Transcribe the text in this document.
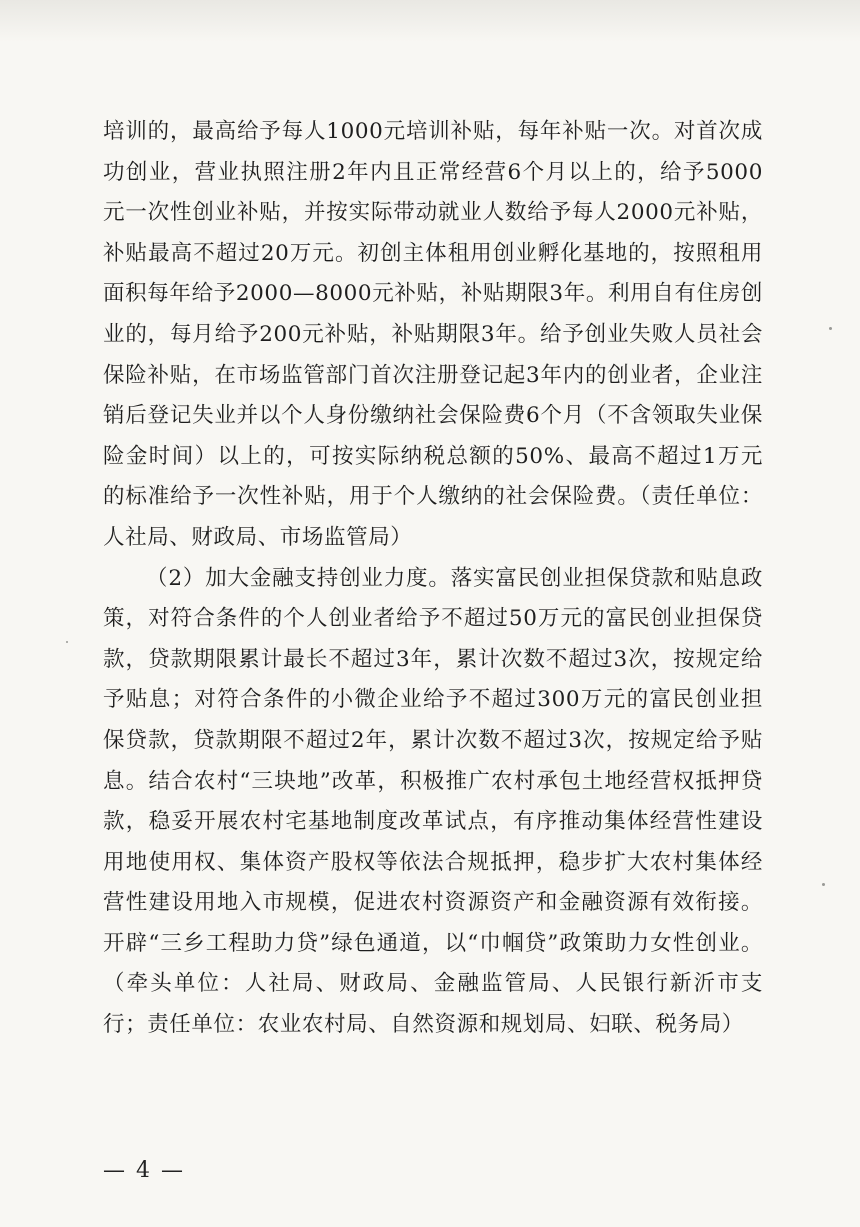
培训的，最高给予每人1000元培训补贴，每年补贴一次。对首次成功创业，营业执照注册2年内且正常经营6个月以上的，给予5000元一次性创业补贴，并按实际带动就业人数给予每人2000元补贴，补贴最高不超过20万元。初创主体租用创业孵化基地的，按照租用面积每年给予2000—8000元补贴，补贴期限3年。利用自有住房创业的，每月给予200元补贴，补贴期限3年。给予创业失败人员社会保险补贴，在市场监管部门首次注册登记起3年内的创业者，企业注销后登记失业并以个人身份缴纳社会保险费6个月（不含领取失业保险金时间）以上的，可按实际纳税总额的50%、最高不超过1万元的标准给予一次性补贴，用于个人缴纳的社会保险费。（责任单位：人社局、财政局、市场监管局）

（2）加大金融支持创业力度。落实富民创业担保贷款和贴息政策，对符合条件的个人创业者给予不超过50万元的富民创业担保贷款，贷款期限累计最长不超过3年，累计次数不超过3次，按规定给予贴息；对符合条件的小微企业给予不超过300万元的富民创业担保贷款，贷款期限不超过2年，累计次数不超过3次，按规定给予贴息。结合农村“三块地”改革，积极推广农村承包土地经营权抵押贷款，稳妥开展农村宅基地制度改革试点，有序推动集体经营性建设用地使用权、集体资产股权等依法合规抵押，稳步扩大农村集体经营性建设用地入市规模，促进农村资源资产和金融资源有效衔接。开辟“三乡工程助力贷”绿色通道，以“巾帼贷”政策助力女性创业。（牵头单位：人社局、财政局、金融监管局、人民银行新沂市支行；责任单位：农业农村局、自然资源和规划局、妇联、税务局）

— 4 —
